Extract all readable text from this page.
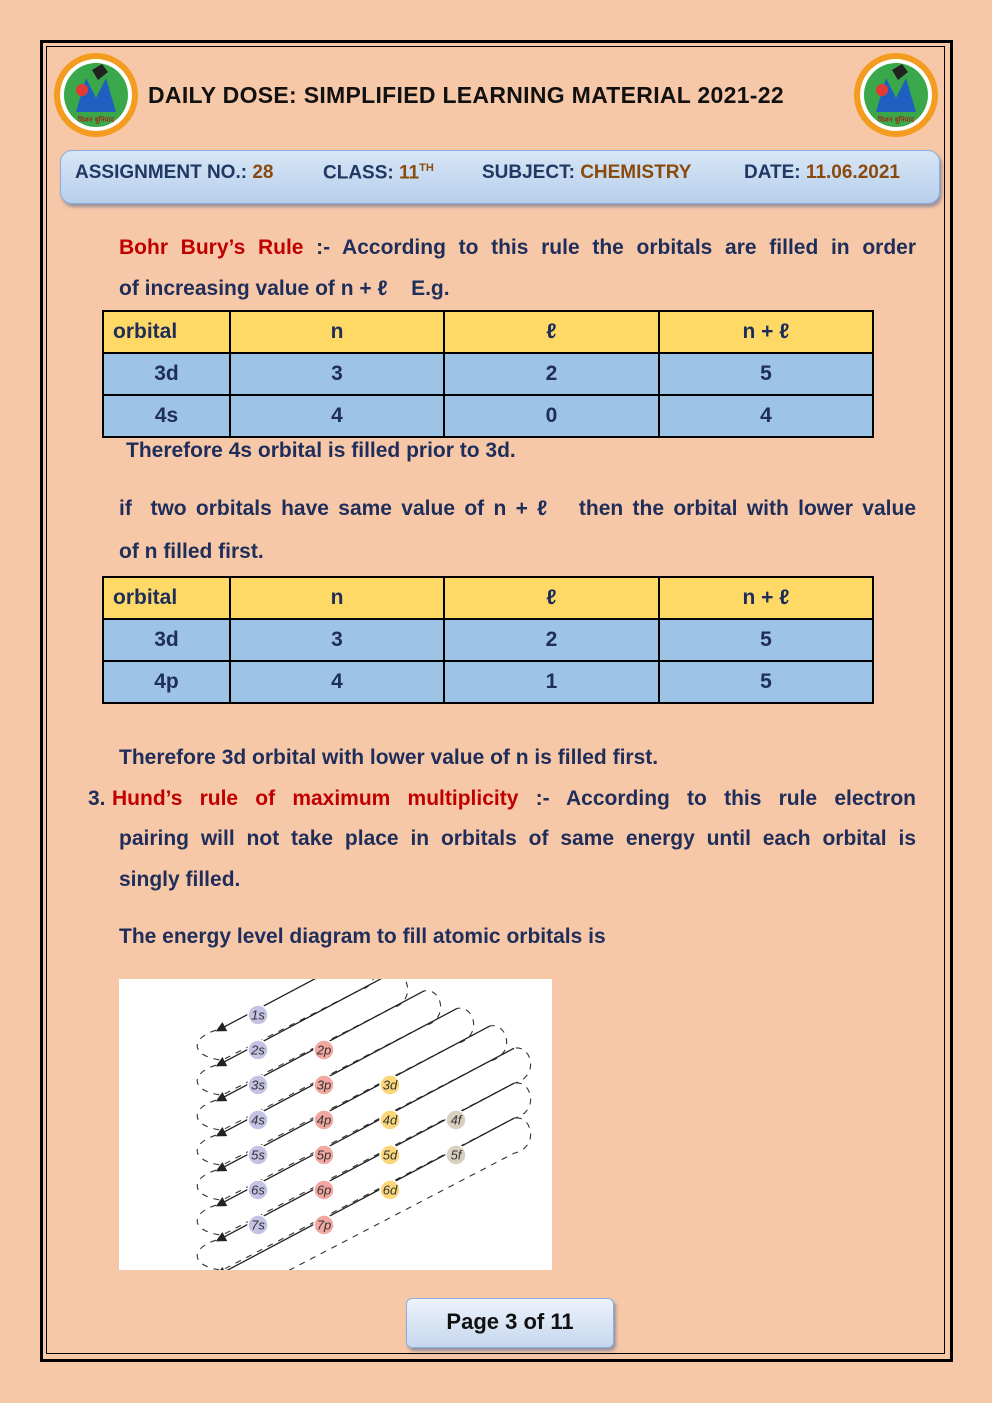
मिशन बुनियाद	मिशन बुनियाद
DAILY DOSE: SIMPLIFIED LEARNING MATERIAL 2021-22
ASSIGNMENT NO.: 28	CLASS: 11TH	SUBJECT: CHEMISTRY	DATE: 11.06.2021
Bohr Bury’s Rule :- According to this rule the orbitals are filled in order
of increasing value of n + ℓ    E.g.
orbital	n	ℓ	n + ℓ
3d	3	2	5
4s	4	0	4
Therefore 4s orbital is filled prior to 3d.
if  two orbitals have same value of n + ℓ   then the orbital with lower value
of n filled first.
orbital	n	ℓ	n + ℓ
3d	3	2	5
4p	4	1	5
Therefore 3d orbital with lower value of n is filled first.
3. Hund’s rule of maximum multiplicity :- According to this rule electron
pairing will not take place in orbitals of same energy until each orbital is
singly filled.
The energy level diagram to fill atomic orbitals is
1s
2s	2p
3s	3p	3d
4s	4p	4d	4f
5s	5p	5d	5f
6s	6p	6d
7s	7p
Page 3 of 11
